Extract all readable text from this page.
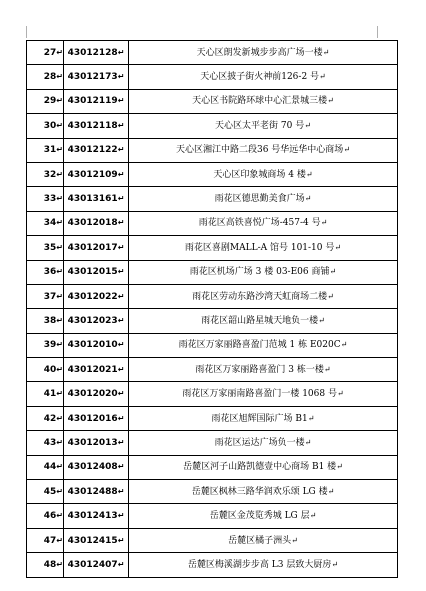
27↵	43012128↵	天心区朗发新城步步高广场一楼↵
28↵	43012173↵	天心区披子街火神前126-2 号↵
29↵	43012119↵	天心区书院路环球中心汇景城三楼↵
30↵	43012118↵	天心区太平老街 70 号↵
31↵	43012122↵	天心区湘江中路二段36 号华远华中心商场↵
32↵	43012109↵	天心区印象城商场 4 楼↵
33↵	43013161↵	雨花区德思勤美食广场↵
34↵	43012018↵	雨花区高铁喜悦广场-457-4 号↵
35↵	43012017↵	雨花区喜剧MALL-A 馆号 101-10 号↵
36↵	43012015↵	雨花区机场广场 3 楼 03-E06 商铺↵
37↵	43012022↵	雨花区劳动东路沙湾天虹商场二楼↵
38↵	43012023↵	雨花区韶山路星城天地负一楼↵
39↵	43012010↵	雨花区万家丽路喜盈门范城 1 栋 E020C↵
40↵	43012021↵	雨花区万家丽路喜盈门 3 栋一楼↵
41↵	43012020↵	雨花区万家丽南路喜盈门一楼 1068 号↵
42↵	43012016↵	雨花区旭辉国际广场 B1↵
43↵	43012013↵	雨花区运达广场负一楼↵
44↵	43012408↵	岳麓区河子山路凯德壹中心商场 B1 楼↵
45↵	43012488↵	岳麓区枫林三路华润欢乐颂 LG 楼↵
46↵	43012413↵	岳麓区金茂览秀城 LG 层↵
47↵	43012415↵	岳麓区橘子洲头↵
48↵	43012407↵	岳麓区梅溪湖步步高 L3 层致大厨房↵
